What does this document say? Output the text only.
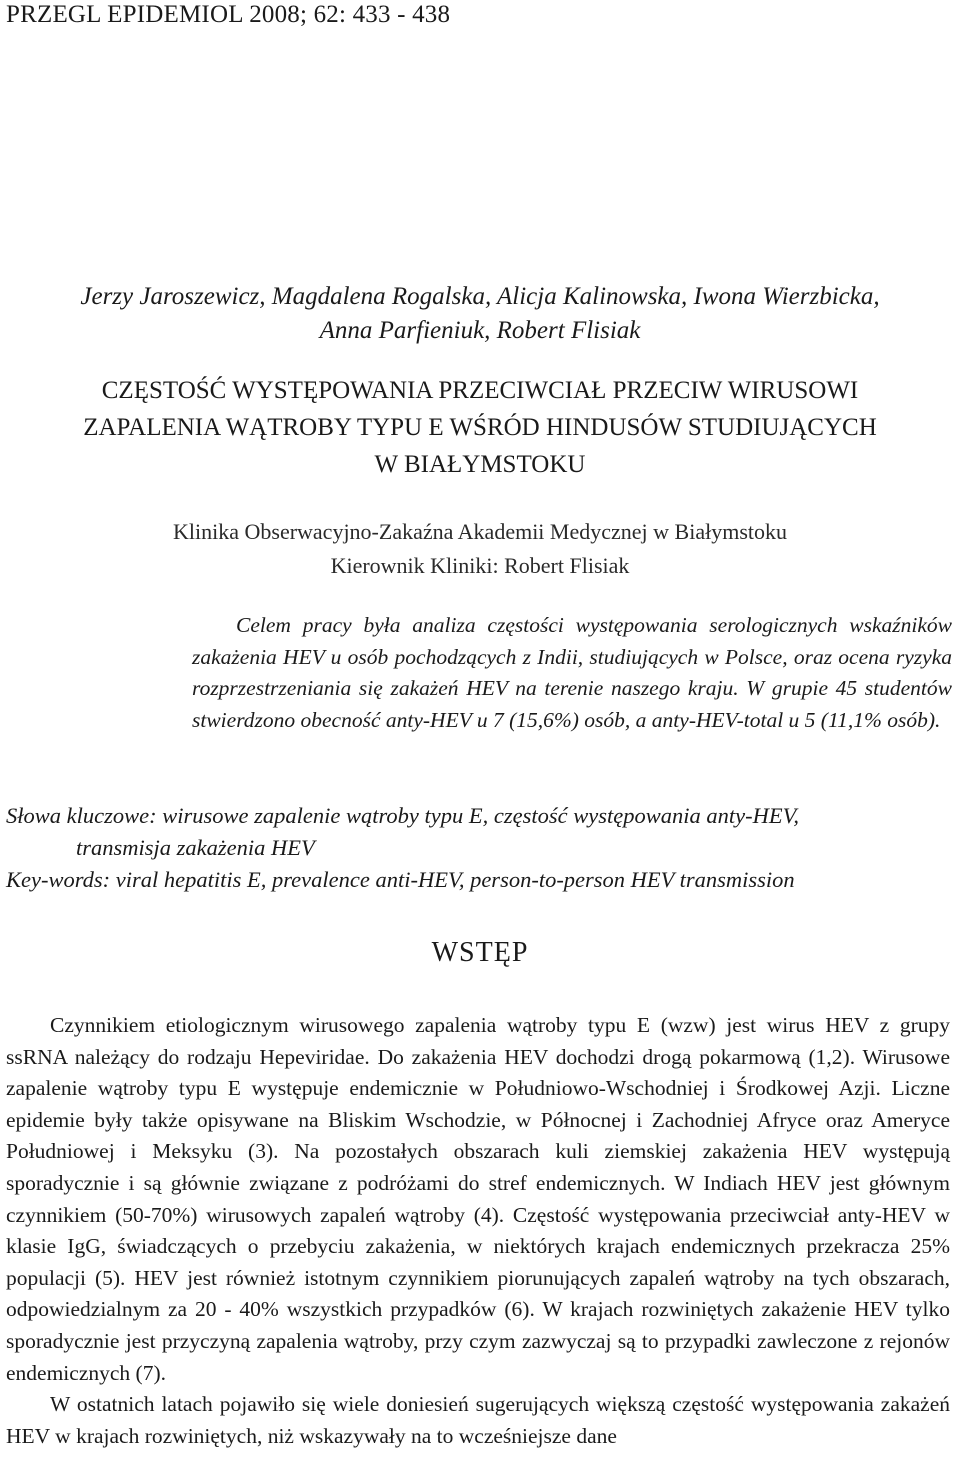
PRZEGL EPIDEMIOL 2008; 62: 433 - 438
Jerzy Jaroszewicz, Magdalena Rogalska, Alicja Kalinowska, Iwona Wierzbicka,
Anna Parfieniuk, Robert Flisiak
CZĘSTOŚĆ WYSTĘPOWANIA PRZECIWCIAŁ PRZECIW WIRUSOWI
ZAPALENIA WĄTROBY TYPU E WŚRÓD HINDUSÓW STUDIUJĄCYCH
W BIAŁYMSTOKU
Klinika Obserwacyjno-Zakaźna Akademii Medycznej w Białymstoku
Kierownik Kliniki: Robert Flisiak
Celem pracy była analiza częstości występowania serologicznych wskaźników zakażenia HEV u osób pochodzących z Indii, studiujących w Polsce, oraz ocena ryzyka rozprzestrzeniania się zakażeń HEV na terenie naszego kraju. W grupie 45 studentów stwierdzono obecność anty-HEV u 7 (15,6%) osób, a anty-HEV-total u 5 (11,1% osób).
Słowa kluczowe: wirusowe zapalenie wątroby typu E, częstość występowania anty-HEV,
transmisja zakażenia HEV
Key-words: viral hepatitis E, prevalence anti-HEV, person-to-person HEV transmission
WSTĘP

Czynnikiem etiologicznym wirusowego zapalenia wątroby typu E (wzw) jest wirus HEV z grupy ssRNA należący do rodzaju Hepeviridae. Do zakażenia HEV dochodzi drogą pokarmową (1,2). Wirusowe zapalenie wątroby typu E występuje endemicznie w Południowo-Wschodniej i Środkowej Azji. Liczne epidemie były także opisywane na Bliskim Wschodzie, w Północnej i Zachodniej Afryce oraz Ameryce Południowej i Meksyku (3). Na pozostałych obszarach kuli ziemskiej zakażenia HEV występują sporadycznie i są głównie związane z podróżami do stref endemicznych. W Indiach HEV jest głównym czynnikiem (50-70%) wirusowych zapaleń wątroby (4). Częstość występowania przeciwciał anty-HEV w klasie IgG, świadczących o przebyciu zakażenia, w niektórych krajach endemicznych przekracza 25% populacji (5). HEV jest również istotnym czynnikiem piorunujących zapaleń wątroby na tych obszarach, odpowiedzialnym za 20 - 40% wszystkich przypadków (6). W krajach rozwiniętych zakażenie HEV tylko sporadycznie jest przyczyną zapalenia wątroby, przy czym zazwyczaj są to przypadki zawleczone z rejonów endemicznych (7).

W ostatnich latach pojawiło się wiele doniesień sugerujących większą częstość występowania zakażeń HEV w krajach rozwiniętych, niż wskazywały na to wcześniejsze dane
